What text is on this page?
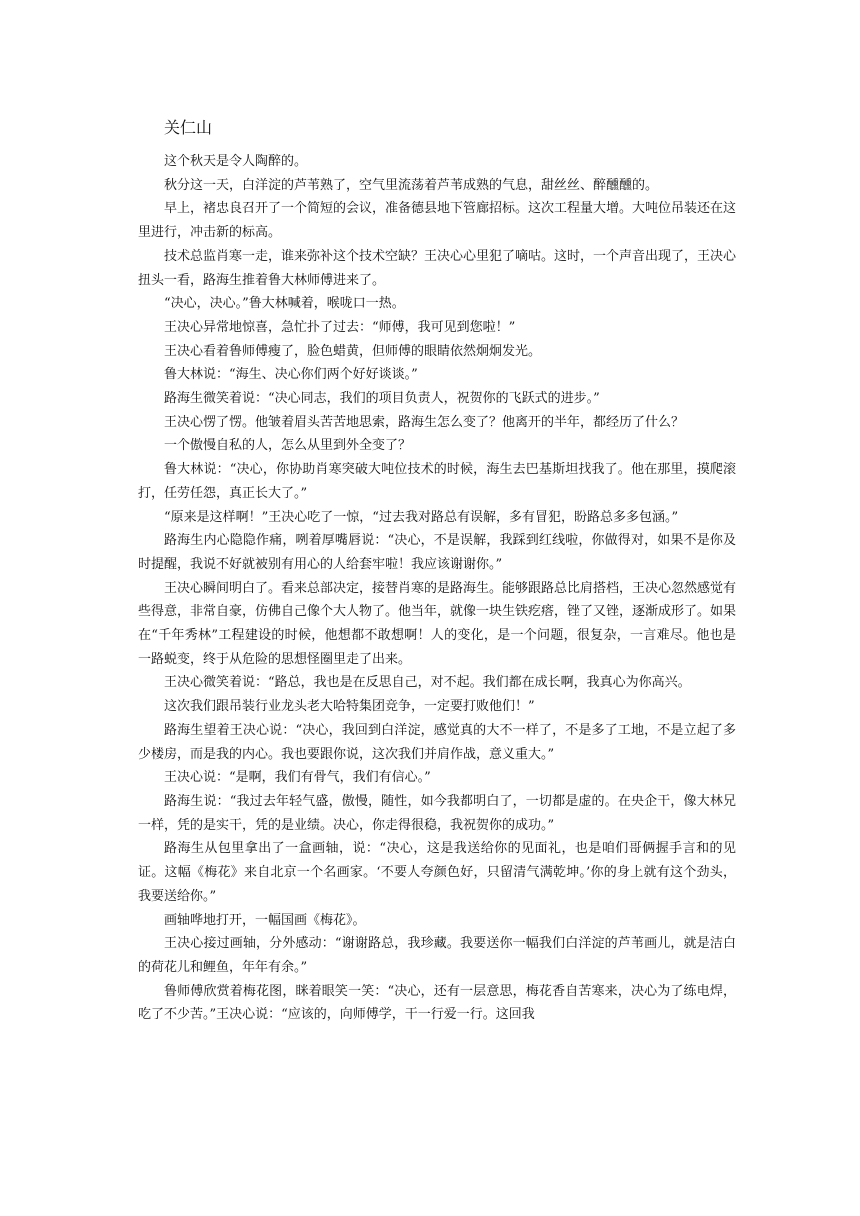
关仁山

这个秋天是令人陶醉的。

秋分这一天，白洋淀的芦苇熟了，空气里流荡着芦苇成熟的气息，甜丝丝、醉醺醺的。

早上，褚忠良召开了一个简短的会议，准备德县地下管廊招标。这次工程量大增。大吨位吊装还在这里进行，冲击新的标高。

技术总监肖寒一走，谁来弥补这个技术空缺？王决心心里犯了嘀咕。这时，一个声音出现了，王决心扭头一看，路海生推着鲁大林师傅进来了。

“决心，决心。”鲁大林喊着，喉咙口一热。

王决心异常地惊喜，急忙扑了过去：“师傅，我可见到您啦！”

王决心看着鲁师傅瘦了，脸色蜡黄，但师傅的眼睛依然炯炯发光。

鲁大林说：“海生、决心你们两个好好谈谈。”

路海生微笑着说：“决心同志，我们的项目负责人，祝贺你的飞跃式的进步。”

王决心愣了愣。他皱着眉头苦苦地思索，路海生怎么变了？他离开的半年，都经历了什么？

一个傲慢自私的人，怎么从里到外全变了？

鲁大林说：“决心，你协助肖寒突破大吨位技术的时候，海生去巴基斯坦找我了。他在那里，摸爬滚打，任劳任怨，真正长大了。”

“原来是这样啊！”王决心吃了一惊，“过去我对路总有误解，多有冒犯，盼路总多多包涵。”

路海生内心隐隐作痛，咧着厚嘴唇说：“决心，不是误解，我踩到红线啦，你做得对，如果不是你及时提醒，我说不好就被别有用心的人给套牢啦！我应该谢谢你。”

王决心瞬间明白了。看来总部决定，接替肖寒的是路海生。能够跟路总比肩搭档，王决心忽然感觉有些得意，非常自豪，仿佛自己像个大人物了。他当年，就像一块生铁疙瘩，锉了又锉，逐渐成形了。如果在“千年秀林”工程建设的时候，他想都不敢想啊！人的变化，是一个问题，很复杂，一言难尽。他也是一路蜕变，终于从危险的思想怪圈里走了出来。

王决心微笑着说：“路总，我也是在反思自己，对不起。我们都在成长啊，我真心为你高兴。

这次我们跟吊装行业龙头老大哈特集团竞争，一定要打败他们！”

路海生望着王决心说：“决心，我回到白洋淀，感觉真的大不一样了，不是多了工地，不是立起了多少楼房，而是我的内心。我也要跟你说，这次我们并肩作战，意义重大。”

王决心说：“是啊，我们有骨气，我们有信心。”

路海生说：“我过去年轻气盛，傲慢，随性，如今我都明白了，一切都是虚的。在央企干，像大林兄一样，凭的是实干，凭的是业绩。决心，你走得很稳，我祝贺你的成功。”

路海生从包里拿出了一盒画轴，说：“决心，这是我送给你的见面礼，也是咱们哥俩握手言和的见证。这幅《梅花》来自北京一个名画家。‘不要人夸颜色好，只留清气满乾坤。’你的身上就有这个劲头，我要送给你。”

画轴哗地打开，一幅国画《梅花》。

王决心接过画轴，分外感动：“谢谢路总，我珍藏。我要送你一幅我们白洋淀的芦苇画儿，就是洁白的荷花儿和鲤鱼，年年有余。”

鲁师傅欣赏着梅花图，眯着眼笑一笑：“决心，还有一层意思，梅花香自苦寒来，决心为了练电焊，吃了不少苦。”王决心说：“应该的，向师傅学，干一行爱一行。这回我
